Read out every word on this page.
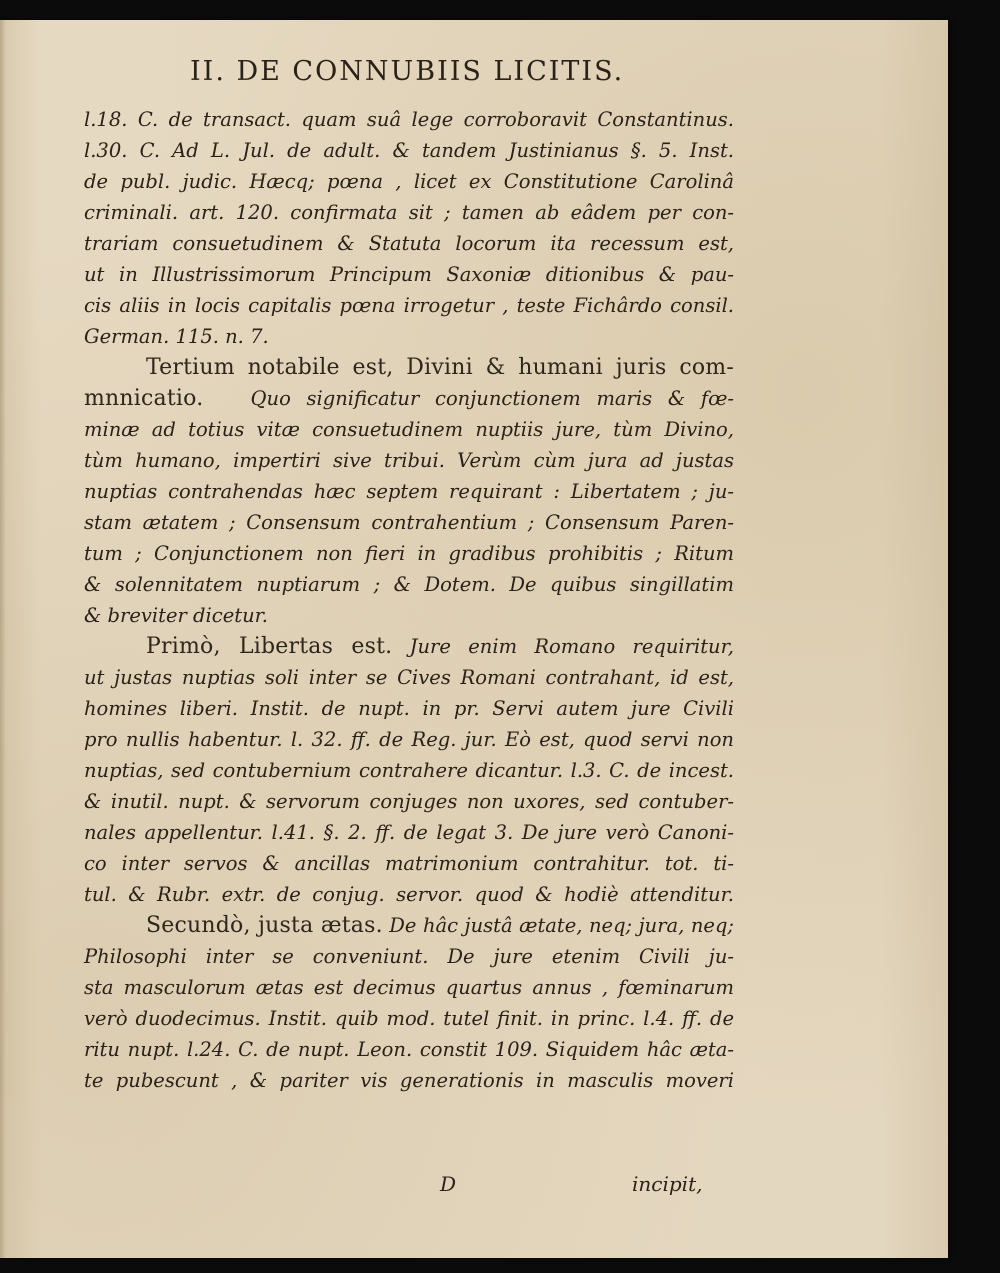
II. DE CONNUBIIS LICITIS.
l.18. C. de transact. quam suâ lege corroboravit Constantinus.
l.30. C. Ad L. Jul. de adult. & tandem Justinianus §. 5. Inst.
de publ. judic. Hæcq; pœna , licet ex Constitutione Carolinâ
criminali. art. 120. confirmata sit ; tamen ab eâdem per con-
trariam consuetudinem & Statuta locorum ita recessum est,
ut in Illustrissimorum Principum Saxoniæ ditionibus & pau-
cis aliis in locis capitalis pœna irrogetur , teste Fichârdo consil.
German. 115. n. 7.
Tertium notabile est, Divini & humani juris com-
mnnicatio. Quo significatur conjunctionem maris & fœ-
minæ ad totius vitæ consuetudinem nuptiis jure, tùm Divino,
tùm humano, impertiri sive tribui. Verùm cùm jura ad justas
nuptias contrahendas hæc septem requirant : Libertatem ; ju-
stam ætatem ; Consensum contrahentium ; Consensum Paren-
tum ; Conjunctionem non fieri in gradibus prohibitis ; Ritum
& solennitatem nuptiarum ; & Dotem. De quibus singillatim
& breviter dicetur.
Primò, Libertas est. Jure enim Romano requiritur,
ut justas nuptias soli inter se Cives Romani contrahant, id est,
homines liberi. Instit. de nupt. in pr. Servi autem jure Civili
pro nullis habentur. l. 32. ff. de Reg. jur. Eò est, quod servi non
nuptias, sed contubernium contrahere dicantur. l.3. C. de incest.
& inutil. nupt. & servorum conjuges non uxores, sed contuber-
nales appellentur. l.41. §. 2. ff. de legat 3. De jure verò Canoni-
co inter servos & ancillas matrimonium contrahitur. tot. ti-
tul. & Rubr. extr. de conjug. servor. quod & hodiè attenditur.
Secundò, justa ætas. De hâc justâ ætate, neq; jura, neq;
Philosophi inter se conveniunt. De jure etenim Civili ju-
sta masculorum ætas est decimus quartus annus , fœminarum
verò duodecimus. Instit. quib mod. tutel finit. in princ. l.4. ff. de
ritu nupt. l.24. C. de nupt. Leon. constit 109. Siquidem hâc æta-
te pubescunt , & pariter vis generationis in masculis moveri
D	incipit,
